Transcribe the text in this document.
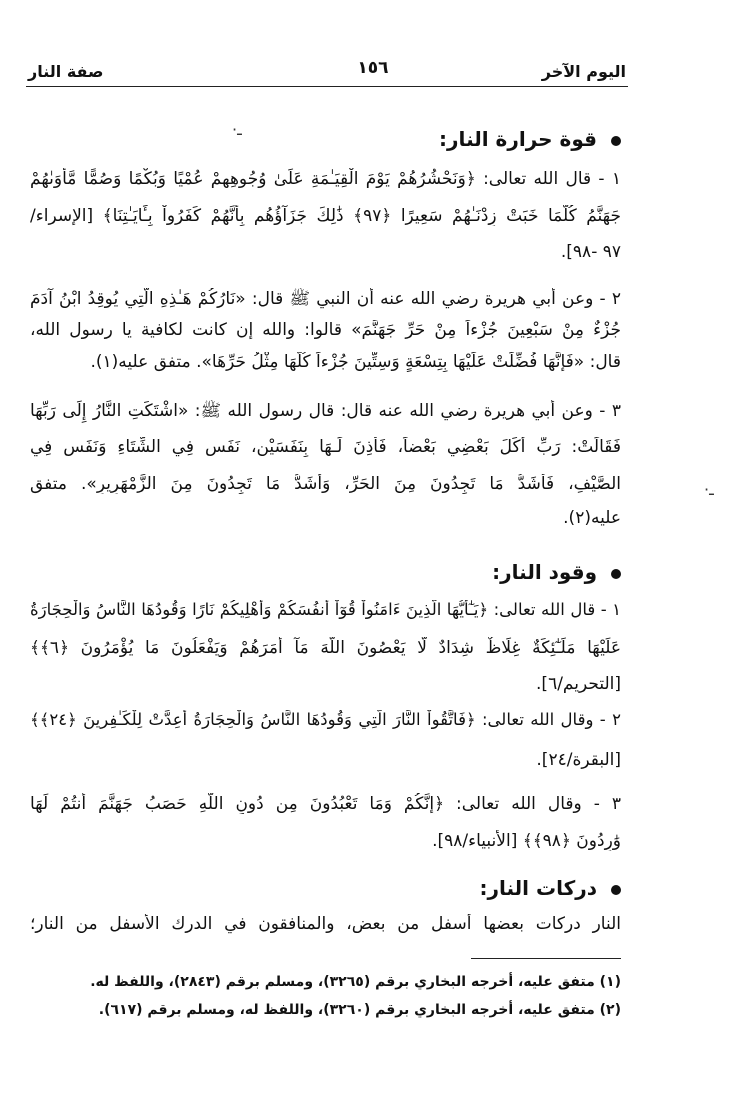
اليوم الآخر
١٥٦
صفة النار
ـ·	قوة حرارة النار:
١ - قال الله تعالى: ﴿وَنَحْشُرُهُمْ يَوْمَ الْقِيَـٰمَةِ عَلَىٰ وُجُوهِهِمْ عُمْيًا وَبُكْمًا وَصُمًّا مَّأْوَىٰهُمْ
جَهَنَّمُ كُلَّمَا خَبَتْ زِدْنَـٰهُمْ سَعِيرًا ﴿٩٧﴾ ذَٰلِكَ جَزَآؤُهُم بِأَنَّهُمْ كَفَرُواْ بِـَٔايَـٰتِنَا﴾ [الإسراء/
٩٧ -٩٨].
٢ - وعن أبي هريرة رضي الله عنه أن النبي ﷺ قال: «نَارُكُمْ هَـٰذِهِ الَّتِي يُوقِدُ ابْنُ آدَمَ
جُزْءٌ مِنْ سَبْعِينَ جُزْءاً مِنْ حَرِّ جَهَنَّمَ» قالوا: والله إن كانت لكافية يا رسول الله،
قال: «فَإِنَّهَا فُضِّلَتْ عَلَيْهَا بِتِسْعَةٍ وَسِتِّينَ جُزْءاً كُلُّهَا مِثْلُ حَرِّهَا». متفق عليه(١).
٣ - وعن أبي هريرة رضي الله عنه قال: قال رسول الله ﷺ: «اشْتَكَتِ النَّارُ إِلَى رَبِّهَا
فَقَالَتْ: رَبِّ أَكَلَ بَعْضِي بَعْضاً، فَأَذِنَ لَـهَا بِنَفَسَيْنِ، نَفَسٍ فِي الشِّتَاءِ وَنَفَسٍ فِي
الصَّيْفِ، فَأَشَدُّ مَا تَجِدُونَ مِنَ الحَرِّ، وَأَشَدُّ مَا تَجِدُونَ مِنَ الزَّمْهَرِيرِ». متفق
عليه(٢).
ـ·
وقود النار:
١ - قال الله تعالى: ﴿يَـٰٓأَيُّهَا الَّذِينَ ءَامَنُواْ قُوٓاْ أَنفُسَكُمْ وَأَهْلِيكُمْ نَارًا وَقُودُهَا النَّاسُ وَالْحِجَارَةُ
عَلَيْهَا مَلَـٰٓئِكَةٌ غِلَاظٌ شِدَادٌ لَّا يَعْصُونَ اللَّهَ مَآ أَمَرَهُمْ وَيَفْعَلُونَ مَا يُؤْمَرُونَ ﴿٦﴾﴾
[التحريم/٦].
٢ - وقال الله تعالى: ﴿فَاتَّقُواْ النَّارَ الَّتِي وَقُودُهَا النَّاسُ وَالْحِجَارَةُ أُعِدَّتْ لِلْكَـٰفِرِينَ ﴿٢٤﴾﴾
[البقرة/٢٤].
٣ - وقال الله تعالى: ﴿إِنَّكُمْ وَمَا تَعْبُدُونَ مِن دُونِ اللَّهِ حَصَبُ جَهَنَّمَ أَنتُمْ لَهَا
وَٰرِدُونَ ﴿٩٨﴾﴾ [الأنبياء/٩٨].
دركات النار:
النار دركات بعضها أسفل من بعض، والمنافقون في الدرك الأسفل من النار؛
(١) متفق عليه، أخرجه البخاري برقم (٣٢٦٥)، ومسلم برقم (٢٨٤٣)، واللفظ له.
(٢) متفق عليه، أخرجه البخاري برقم (٣٢٦٠)، واللفظ له، ومسلم برقم (٦١٧).
